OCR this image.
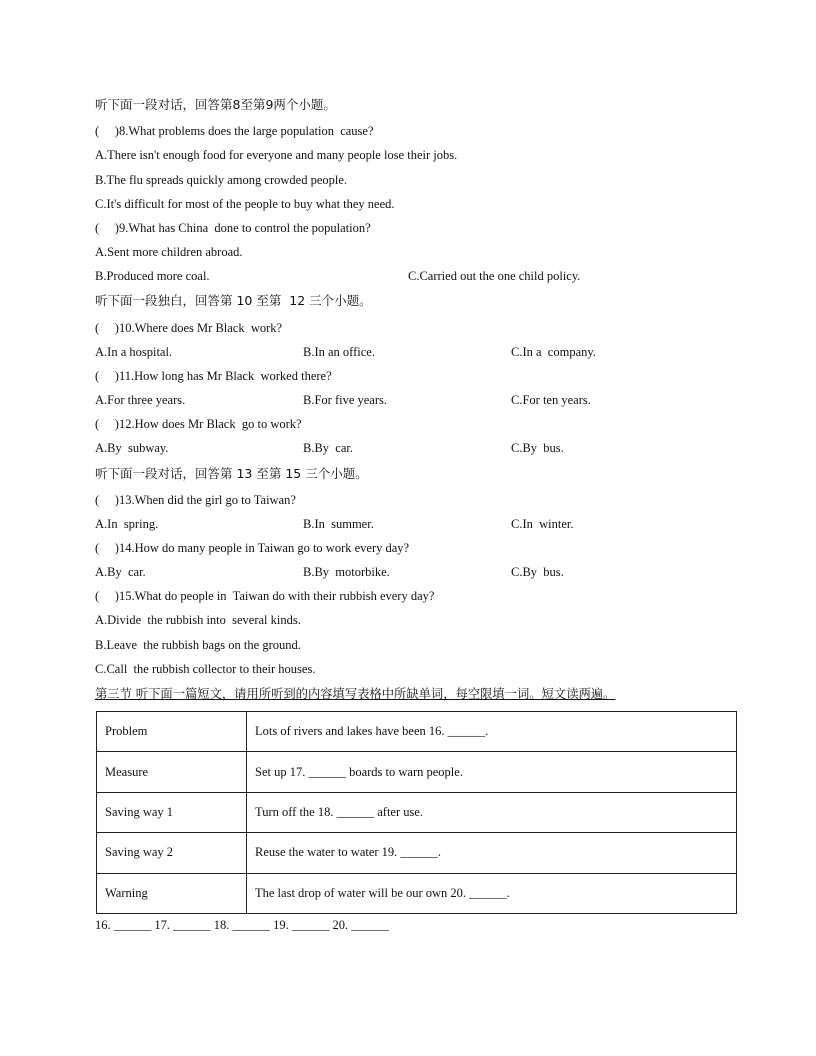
听下面一段对话，回答第8至第9两个小题。
(     )8.What problems does the large population  cause?
A.There isn't enough food for everyone and many people lose their jobs.
B.The flu spreads quickly among crowded people.
C.It's difficult for most of the people to buy what they need.
(     )9.What has China  done to control the population?
A.Sent more children abroad.
B.Produced more coal.	C.Carried out the one child policy.
听下面一段独白，回答第 10 至第  12 三个小题。
(     )10.Where does Mr Black  work?
A.In a hospital.	B.In an office.	C.In a  company.
(     )11.How long has Mr Black  worked there?
A.For three years.	B.For five years.	C.For ten years.
(     )12.How does Mr Black  go to work?
A.By  subway.	B.By  car.	C.By  bus.
听下面一段对话，回答第 13 至第 15 三个小题。
(     )13.When did the girl go to Taiwan?
A.In  spring.	B.In  summer.	C.In  winter.
(     )14.How do many people in Taiwan go to work every day?
A.By  car.	B.By  motorbike.	C.By  bus.
(     )15.What do people in  Taiwan do with their rubbish every day?
A.Divide  the rubbish into  several kinds.
B.Leave  the rubbish bags on the ground.
C.Call  the rubbish collector to their houses.
第三节 听下面一篇短文，请用所听到的内容填写表格中所缺单词，每空限填一词。短文读两遍。
Problem	Lots of rivers and lakes have been 16. ______.
Measure	Set up 17. ______ boards to warn people.
Saving way 1	Turn off the 18. ______ after use.
Saving way 2	Reuse the water to water 19. ______.
Warning	The last drop of water will be our own 20. ______.
16. ______ 17. ______ 18. ______ 19. ______ 20. ______
